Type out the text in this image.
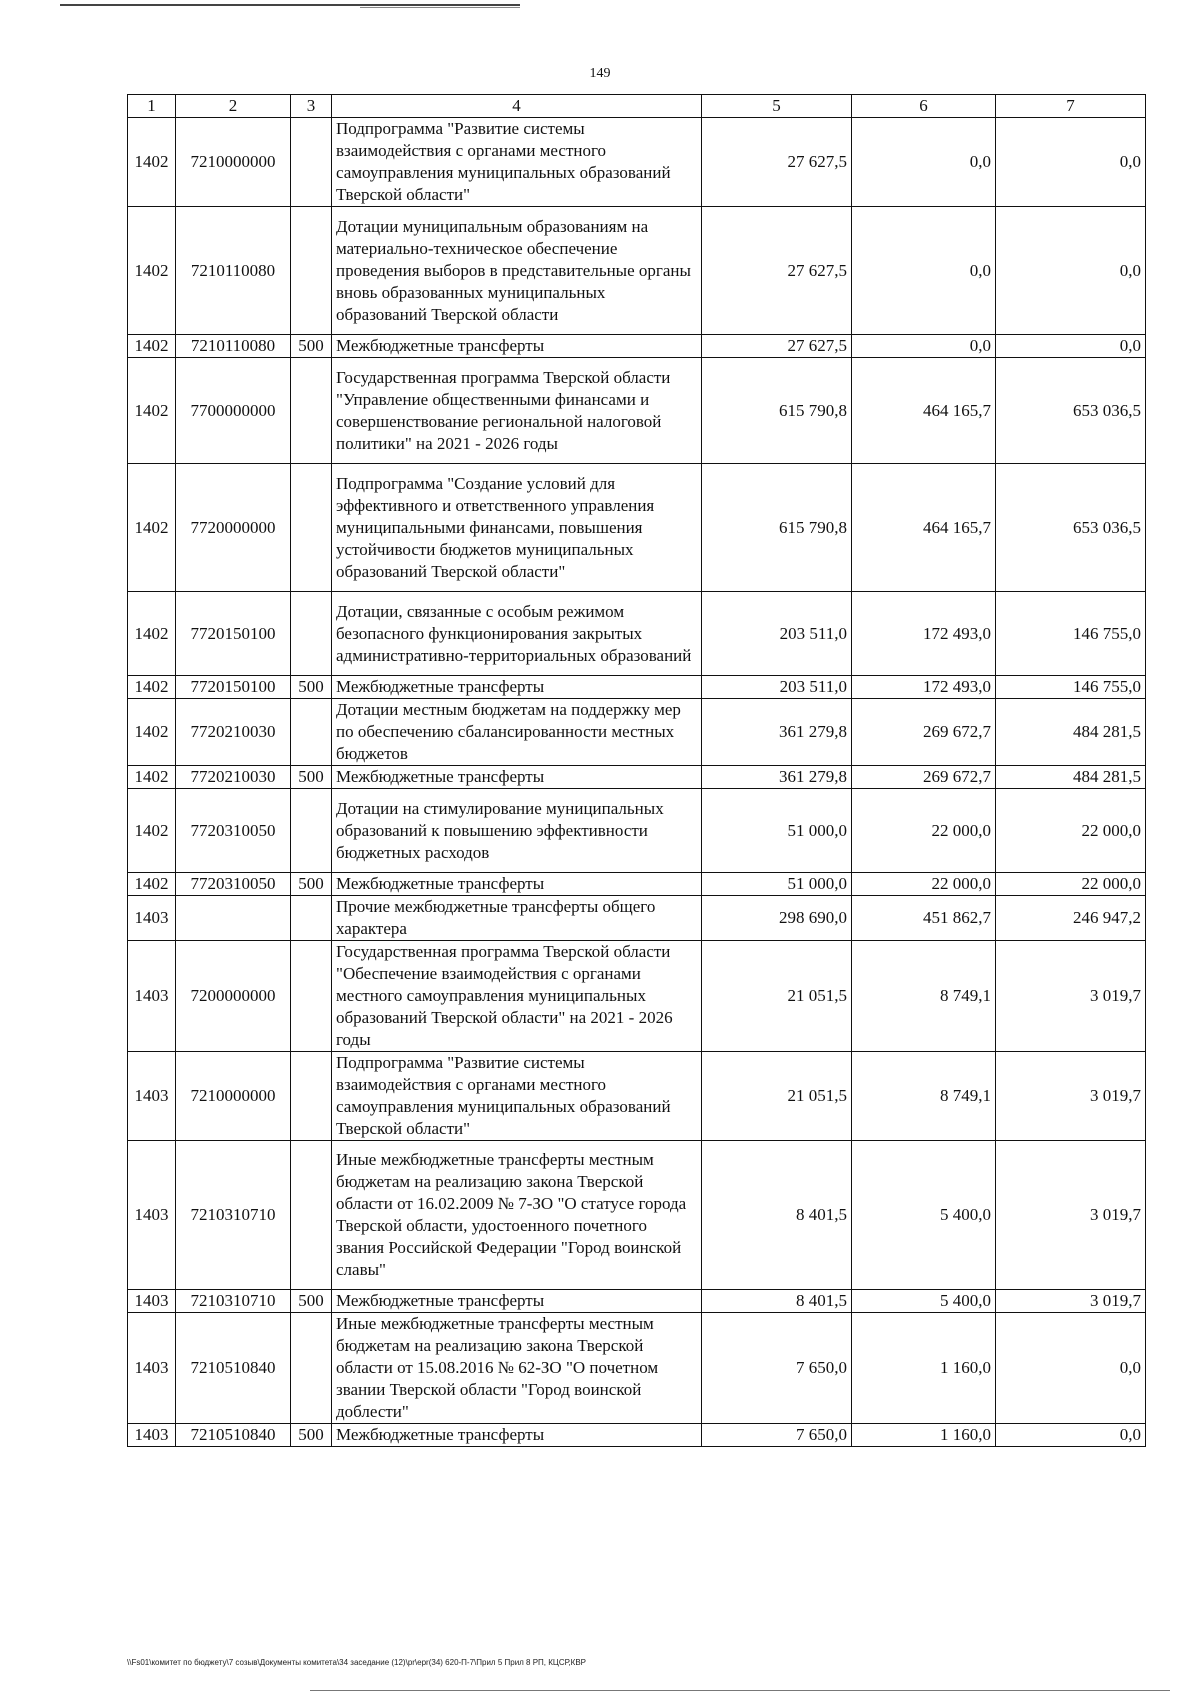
149
1	2	3	4	5	6	7
1402	7210000000		Подпрограмма "Развитие системы взаимодействия с органами местного самоуправления муниципальных образований Тверской области"	27 627,5	0,0	0,0
1402	7210110080		Дотации муниципальным образованиям на материально-техническое обеспечение проведения выборов в представительные органы вновь образованных муниципальных образований Тверской области	27 627,5	0,0	0,0
1402	7210110080	500	Межбюджетные трансферты	27 627,5	0,0	0,0
1402	7700000000		Государственная программа Тверской области "Управление общественными финансами и совершенствование региональной налоговой политики" на 2021 - 2026 годы	615 790,8	464 165,7	653 036,5
1402	7720000000		Подпрограмма "Создание условий для эффективного и ответственного управления муниципальными финансами, повышения устойчивости бюджетов муниципальных образований Тверской области"	615 790,8	464 165,7	653 036,5
1402	7720150100		Дотации, связанные с особым режимом безопасного функционирования закрытых административно-территориальных образований	203 511,0	172 493,0	146 755,0
1402	7720150100	500	Межбюджетные трансферты	203 511,0	172 493,0	146 755,0
1402	7720210030		Дотации местным бюджетам на поддержку мер по обеспечению сбалансированности местных бюджетов	361 279,8	269 672,7	484 281,5
1402	7720210030	500	Межбюджетные трансферты	361 279,8	269 672,7	484 281,5
1402	7720310050		Дотации на стимулирование муниципальных образований к повышению эффективности бюджетных расходов	51 000,0	22 000,0	22 000,0
1402	7720310050	500	Межбюджетные трансферты	51 000,0	22 000,0	22 000,0
1403			Прочие межбюджетные трансферты общего характера	298 690,0	451 862,7	246 947,2
1403	7200000000		Государственная программа Тверской области "Обеспечение взаимодействия с органами местного самоуправления муниципальных образований Тверской области" на 2021 - 2026 годы	21 051,5	8 749,1	3 019,7
1403	7210000000		Подпрограмма "Развитие системы взаимодействия с органами местного самоуправления муниципальных образований Тверской области"	21 051,5	8 749,1	3 019,7
1403	7210310710		Иные межбюджетные трансферты местным бюджетам на реализацию закона Тверской области от 16.02.2009 № 7-ЗО "О статусе города Тверской области, удостоенного почетного звания Российской Федерации "Город воинской славы"	8 401,5	5 400,0	3 019,7
1403	7210310710	500	Межбюджетные трансферты	8 401,5	5 400,0	3 019,7
1403	7210510840		Иные межбюджетные трансферты местным бюджетам на реализацию закона Тверской области от 15.08.2016 № 62-ЗО "О почетном звании Тверской области "Город воинской доблести"	7 650,0	1 160,0	0,0
1403	7210510840	500	Межбюджетные трансферты	7 650,0	1 160,0	0,0
\\Fs01\комитет по бюджету\7 созыв\Документы комитета\34 заседание (12)\pr\epr(34) 620-П-7\Прил 5 Прил 8 РП, КЦСР,КВР
